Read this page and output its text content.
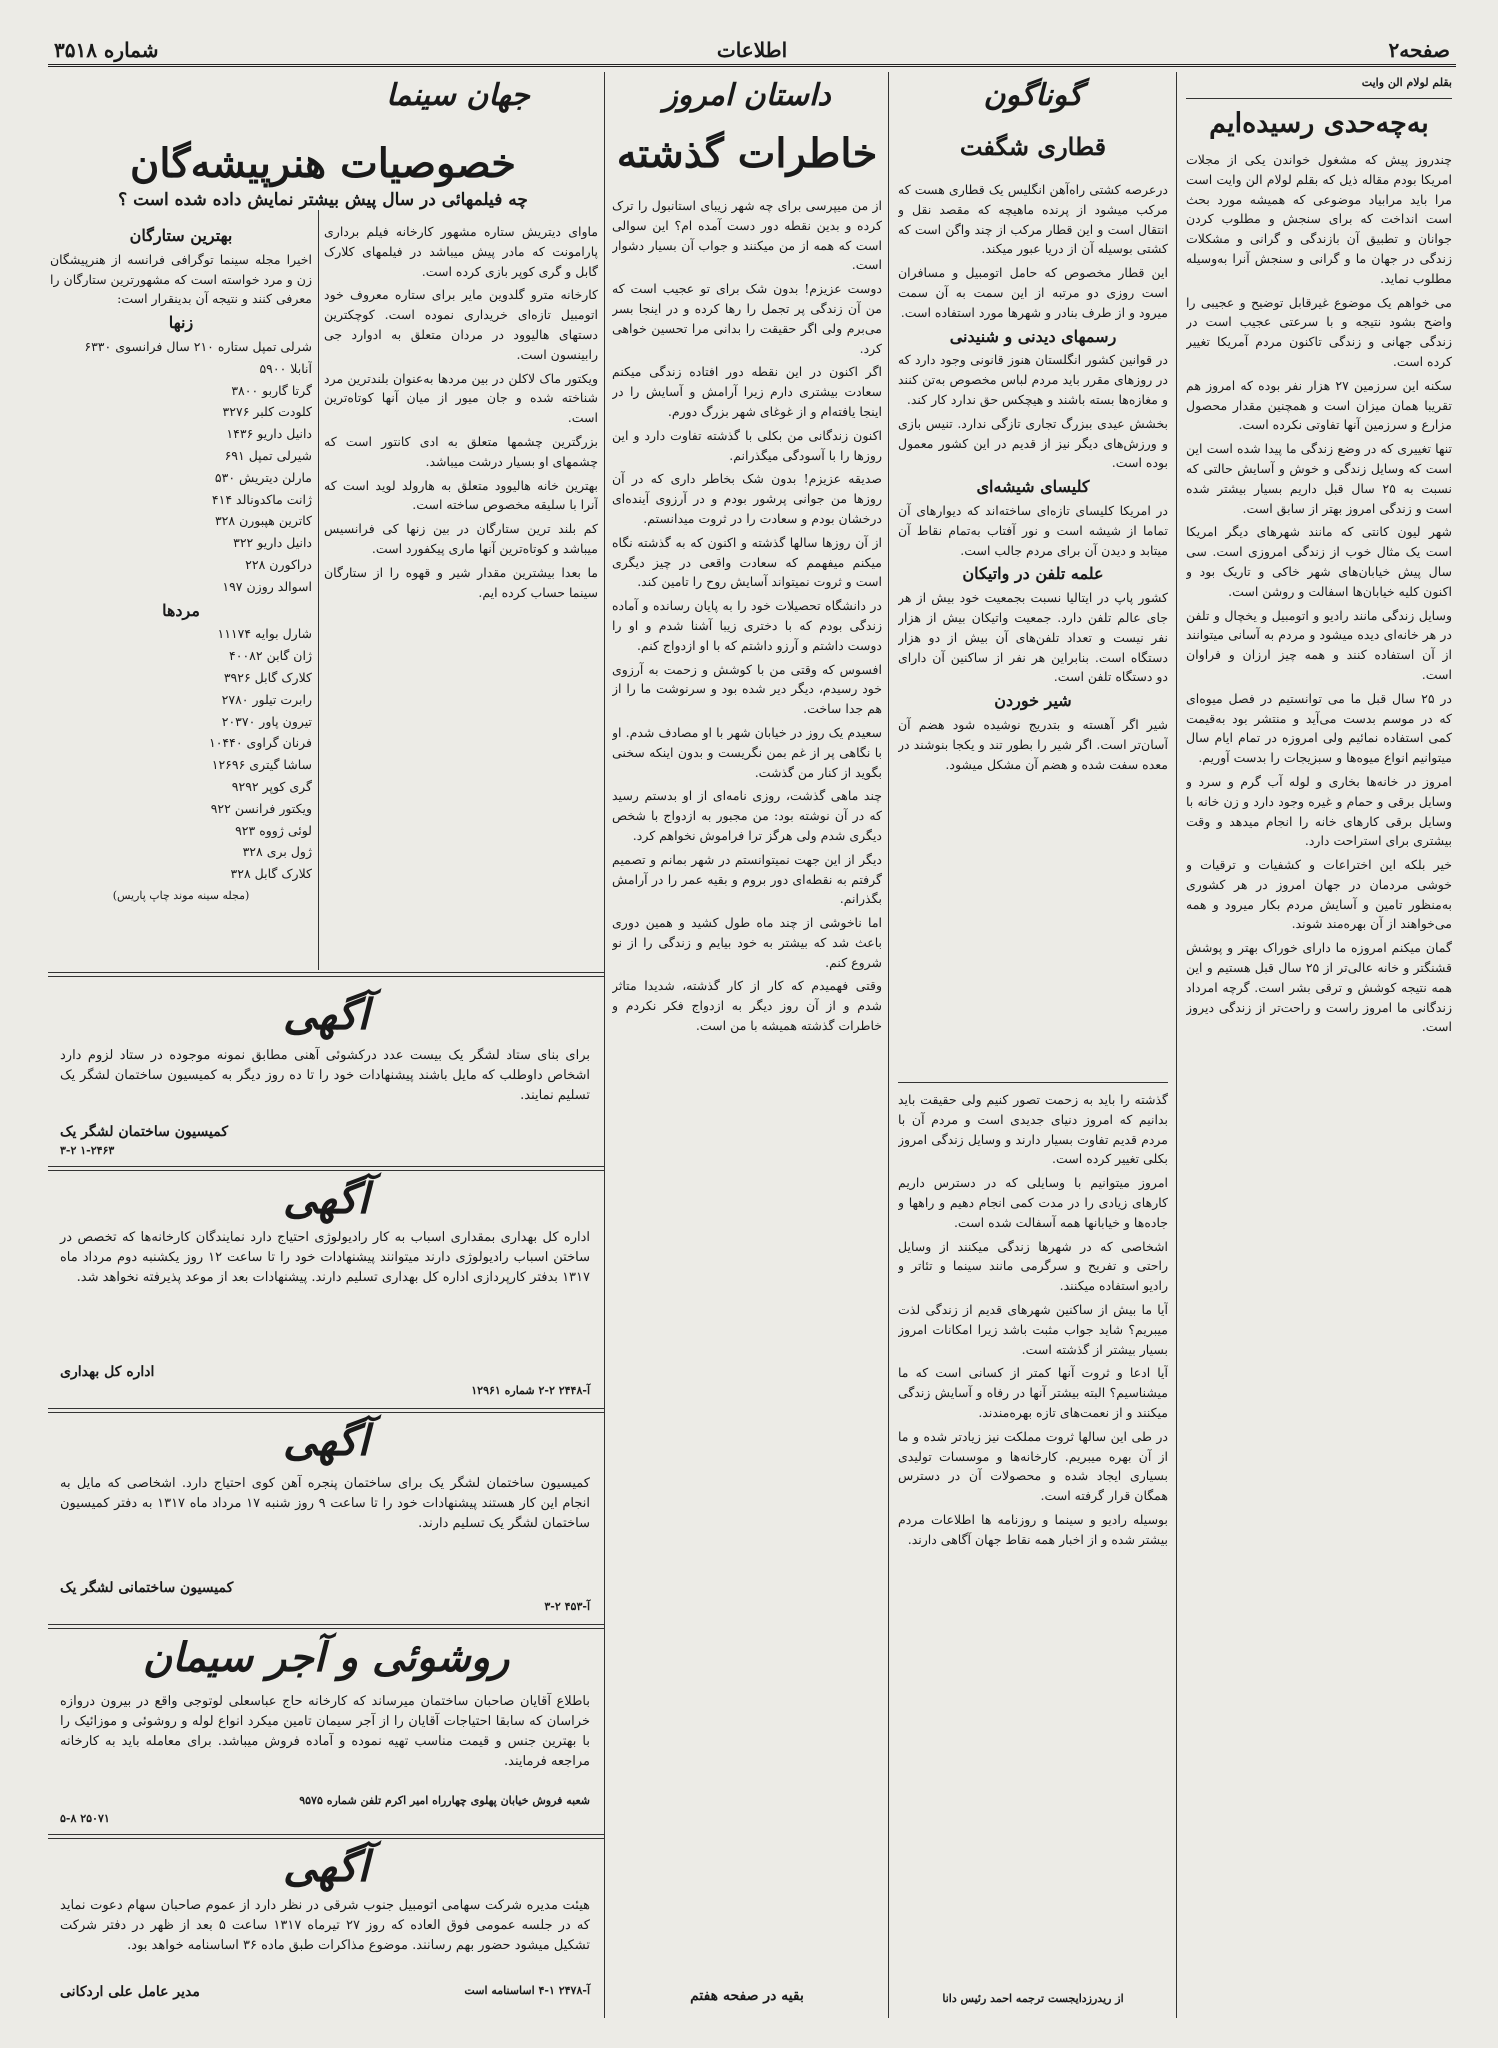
صفحه۲
اطلاعات
شماره ۳۵۱۸
بقلم لولام الن وایت
به‌چه‌حدی رسیده‌ایم

چندروز پیش که مشغول خواندن یکی از مجلات امریکا بودم مقاله ذیل که بقلم لولام الن وایت است مرا باید مرابیاد موضوعی که همیشه مورد بحث است انداخت که برای سنجش و مطلوب کردن جوانان و تطبیق آن بازندگی و گرانی و مشکلات زندگی در جهان ما و گرانی و سنجش آنرا به‌وسیله مطلوب نماید.

می خواهم یک موضوع غیرقابل توضیح و عجیبی را واضح بشود نتیجه و با سرعتی عجیب است در زندگی جهانی و زندگی تاکنون مردم آمریکا تغییر کرده است.

سکنه این سرزمین ۲۷ هزار نفر بوده که امروز هم تقریبا همان میزان است و همچنین مقدار محصول مزارع و سرزمین آنها تفاوتی نکرده است.

تنها تغییری که در وضع زندگی ما پیدا شده است این است که وسایل زندگی و خوش و آسایش حالتی که نسبت به ۲۵ سال قبل داریم بسیار بیشتر شده است و زندگی امروز بهتر از سابق است.

شهر لیون کانتی که مانند شهرهای دیگر امریکا است یک مثال خوب از زندگی امروزی است. سی سال پیش خیابان‌های شهر خاکی و تاریک بود و اکنون کلیه خیابان‌ها اسفالت و روشن است.

وسایل زندگی مانند رادیو و اتومبیل و یخچال و تلفن در هر خانه‌ای دیده میشود و مردم به آسانی میتوانند از آن استفاده کنند و همه چیز ارزان و فراوان است.

در ۲۵ سال قبل ما می توانستیم در فصل میوه‌ای که در موسم بدست می‌آید و منتشر بود به‌قیمت کمی استفاده نمائیم ولی امروزه در تمام ایام سال میتوانیم انواع میوه‌ها و سبزیجات را بدست آوریم.

امروز در خانه‌ها بخاری و لوله آب گرم و سرد و وسایل برقی و حمام و غیره وجود دارد و زن خانه با وسایل برقی کارهای خانه را انجام میدهد و وقت بیشتری برای استراحت دارد.

خیر بلکه این اختراعات و کشفیات و ترقیات و خوشی مردمان در جهان امروز در هر کشوری به‌منظور تامین و آسایش مردم بکار میرود و همه می‌خواهند از آن بهره‌مند شوند.

گمان میکنم امروزه ما دارای خوراک بهتر و پوشش قشنگتر و خانه عالی‌تر از ۲۵ سال قبل هستیم و این همه نتیجه کوشش و ترقی بشر است. گرچه‌ امرداد زندگانی ما امروز راست و راحت‌تر از زندگی دیروز است.

گوناگون
قطاری شگفت

درعرصه کشتی راه‌آهن انگلیس یک قطاری هست که مرکب میشود از پرنده ماهیچه که مقصد نقل و انتقال است و این قطار مرکب از چند واگن است که کشتی بوسیله آن از دریا عبور میکند.

این قطار مخصوص که حامل اتومبیل و مسافران است روزی دو مرتبه از این سمت به آن سمت میرود و از طرف بنادر و شهرها مورد استفاده است.

رسمهای دیدنی و شنیدنی

در قوانین کشور انگلستان هنوز قانونی وجود دارد که در روزهای مقرر باید مردم لباس مخصوص به‌تن کنند و مغازه‌ها بسته باشند و هیچکس حق ندارد کار کند.

بخشش عیدی ببزرگ تجاری تازگی ندارد. تنیس بازی و ورزش‌های دیگر نیز از قدیم در این کشور معمول بوده است.

کلیسای شیشه‌ای

در امریکا کلیسای تازه‌ای ساخته‌اند که دیوارهای آن تماما از شیشه است و نور آفتاب به‌تمام نقاط آن میتابد و دیدن آن برای مردم جالب است.

علمه تلفن در واتیکان

کشور پاپ در ایتالیا نسبت بجمعیت خود بیش از هر جای عالم تلفن دارد. جمعیت واتیکان بیش از هزار نفر نیست و تعداد تلفن‌های آن بیش از دو هزار دستگاه است. بنابراین هر نفر از ساکنین آن دارای دو دستگاه تلفن است.

شیر خوردن

شیر اگر آهسته و بتدریج نوشیده شود هضم آن آسان‌تر است. اگر شیر را بطور تند و یکجا بنوشند در معده سفت شده و هضم آن مشکل میشود.

گذشته را باید به زحمت تصور کنیم ولی حقیقت باید بدانیم که امروز دنیای جدیدی است و مردم آن با مردم قدیم تفاوت بسیار دارند و وسایل زندگی امروز بکلی تغییر کرده است.

امروز میتوانیم با وسایلی که در دسترس داریم کارهای زیادی را در مدت کمی انجام دهیم و راهها و جاده‌ها و خیابانها همه آسفالت شده است.

اشخاصی که در شهرها زندگی میکنند از وسایل راحتی و تفریح و سرگرمی مانند سینما و تئاتر و رادیو استفاده میکنند.

آیا ما بیش از ساکنین شهرهای قدیم از زندگی لذت میبریم؟ شاید جواب مثبت باشد زیرا امکانات امروز بسیار بیشتر از گذشته است.

آیا ادعا و ثروت آنها کمتر از کسانی است که ما میشناسیم؟ البته بیشتر آنها در رفاه و آسایش زندگی میکنند و از نعمت‌های تازه بهره‌مندند.

در طی این سالها ثروت مملکت نیز زیادتر شده و ما از آن بهره میبریم. کارخانه‌ها و موسسات تولیدی بسیاری ایجاد شده و محصولات آن در دسترس همگان قرار گرفته است.

بوسیله رادیو و سینما و روزنامه ها اطلاعات مردم بیشتر شده و از اخبار همه نقاط جهان آگاهی دارند.

از ریدرزدایجست ترجمه احمد رئیس دانا
داستان امروز
خاطرات گذشته

از من میپرسی برای چه شهر زیبای استانبول را ترک کرده و بدین نقطه دور دست آمده ام؟ این سوالی است که همه از من میکنند و جواب آن بسیار دشوار است.

دوست عزیزم! بدون شک برای تو عجیب است که من آن زندگی پر تجمل را رها کرده و در اینجا بسر می‌برم ولی اگر حقیقت را بدانی مرا تحسین خواهی کرد.

اگر اکنون در این نقطه دور افتاده زندگی میکنم سعادت بیشتری دارم زیرا آرامش و آسایش را در اینجا یافته‌ام و از غوغای شهر بزرگ دورم.

اکنون زندگانی من بکلی با گذشته تفاوت دارد و این روزها را با آسودگی میگذرانم.

صدیقه عزیزم! بدون شک بخاطر داری که در آن روزها من جوانی پرشور بودم و در آرزوی آینده‌ای درخشان بودم و سعادت را در ثروت میدانستم.

از آن روزها سالها گذشته و اکنون که به گذشته نگاه میکنم میفهمم که سعادت واقعی در چیز دیگری است و ثروت نمیتواند آسایش روح را تامین کند.

در دانشگاه تحصیلات خود را به پایان رسانده و آماده زندگی بودم که با دختری زیبا آشنا شدم و او را دوست داشتم و آرزو داشتم که با او ازدواج کنم.

افسوس که وقتی من با کوشش و زحمت به آرزوی خود رسیدم، دیگر دیر شده بود و سرنوشت ما را از هم جدا ساخت.

سعیدم یک روز در خیابان شهر با او مصادف شدم. او با نگاهی پر از غم بمن نگریست و بدون اینکه سخنی بگوید از کنار من گذشت.

چند ماهی گذشت، روزی نامه‌ای از او بدستم رسید که در آن نوشته بود: من مجبور به ازدواج با شخص دیگری شدم ولی هرگز ترا فراموش نخواهم کرد.

دیگر از این جهت نمیتوانستم در شهر بمانم و تصمیم گرفتم به نقطه‌ای دور بروم و بقیه عمر را در آرامش بگذرانم.

اما ناخوشی از چند ماه طول کشید و همین دوری باعث شد که بیشتر به خود بیایم و زندگی را از نو شروع کنم.

وقتی فهمیدم که کار از کار گذشته، شدیدا متاثر شدم و از آن روز دیگر به ازدواج فکر نکردم و خاطرات گذشته همیشه با من است.

بقیه در صفحه هفتم
جهان سینما
خصوصیات هنرپیشه‌گان
چه فیلمهائی در سال پیش بیشتر نمایش داده شده است ؟

ماوای دیتریش ستاره مشهور کارخانه فیلم برداری پارامونت که مادر پیش میباشد در فیلمهای کلارک گابل و گری کوپر بازی کرده است.

کارخانه مترو گلدوین مایر برای ستاره معروف خود اتومبیل تازه‌ای خریداری نموده است. کوچکترین دستهای هالیوود در مردان متعلق به ادوارد جی رابینسون است.

ویکتور ماک لاکلن در بین مردها به‌عنوان بلندترین مرد شناخته شده و جان میور از میان آنها کوتاه‌ترین است.

بزرگترین چشمها متعلق به ادی کانتور است که چشمهای او بسیار درشت میباشد.

بهترین خانه هالیوود متعلق به هارولد لوید است که آنرا با سلیقه مخصوص ساخته است.

کم بلند ترین ستارگان در بین زنها کی فرانسیس میباشد و کوتاه‌ترین آنها ماری پیکفورد است.

ما بعدا بیشترین مقدار شیر و قهوه را از ستارگان سینما حساب کرده ایم.

بهترین ستارگان

اخیرا مجله سینما توگرافی فرانسه از هنرپیشگان زن و مرد خواسته است که مشهورترین ستارگان را معرفی کنند و نتیجه آن بدینقرار است:

زنها
شرلی تمپل ستاره ۲۱۰ سال فرانسوی ۶۳۳۰
آنابلا ۵۹۰۰
گرتا گاربو ۳۸۰۰
کلودت کلبر ۳۲۷۶
دانیل داریو ۱۴۳۶
شیرلی تمپل ۶۹۱
مارلن دیتریش ۵۳۰
ژانت ماکدونالد ۴۱۴
کاترین هپبورن ۳۲۸
دانیل داریو ۳۲۲
دراکورن ۲۲۸
اسوالد روزن ۱۹۷
مردها
شارل بوایه ۱۱۱۷۴
ژان گابن ۴۰۰۸۲
کلارک گابل ۳۹۲۶
رابرت تیلور ۲۷۸۰
تیرون پاور ۲۰۳۷۰
فرنان گراوی ۱۰۴۴۰
ساشا گیتری ۱۲۶۹۶
گری کوپر ۹۲۹۲
ویکتور فرانسن ۹۲۲
لوئی ژووه ۹۲۳
ژول بری ۳۲۸
کلارک گابل ۳۲۸
(مجله سینه موند چاپ پاریس)
آگهی
برای بنای ستاد لشگر یک بیست عدد درکشوئی آهنی مطابق نمونه موجوده در ستاد لزوم دارد اشخاص داوطلب که مایل باشند پیشنهادات خود را تا ده روز دیگر به کمیسیون ساختمان لشگر یک تسلیم نمایند.
کمیسیون ساختمان لشگر یک
۱-۲۴۶۳ ۳-۲
آگهی
اداره کل بهداری بمقداری اسباب به کار رادیولوژی احتیاج دارد نمایندگان کارخانه‌ها که تخصص در ساختن اسباب رادیولوژی دارند میتوانند پیشنهادات خود را تا ساعت ۱۲ روز یکشنبه دوم مرداد ماه ۱۳۱۷ بدفتر کارپردازی اداره کل بهداری تسلیم دارند. پیشنهادات بعد از موعد پذیرفته نخواهد شد.
اداره کل بهداری
آ-۲۴۴۸ ۲-۲ شماره ۱۲۹۶۱
آگهی
کمیسیون ساختمان لشگر یک برای ساختمان پنجره آهن کوی احتیاج دارد. اشخاصی که مایل به انجام این کار هستند پیشنهادات خود را تا ساعت ۹ روز شنبه ۱۷ مرداد ماه ۱۳۱۷ به دفتر کمیسیون ساختمان لشگر یک تسلیم دارند.
کمیسیون ساختمانی لشگر یک
آ-۴۵۳ ۲-۳
روشوئی و آجر سیمان
باطلاع آقایان صاحبان ساختمان میرساند که کارخانه حاج عباسعلی لوتوجی واقع در بیرون دروازه خراسان که سابقا احتیاجات آقایان را از آجر سیمان تامین میکرد انواع لوله و روشوئی و موزائیک را با بهترین جنس و قیمت مناسب تهیه نموده و آماده فروش میباشد. برای معامله باید به کارخانه مراجعه فرمایند.
شعبه فروش خیابان پهلوی چهارراه امیر اکرم تلفن شماره ۹۵۷۵
۲۵۰۷۱ ۵-۸
آگهی
هیئت مدیره شرکت سهامی اتومبیل جنوب شرقی در نظر دارد از عموم صاحبان سهام دعوت نماید که در جلسه عمومی فوق العاده که روز ۲۷ تیرماه ۱۳۱۷ ساعت ۵ بعد از ظهر در دفتر شرکت تشکیل میشود حضور بهم رسانند. موضوع مذاکرات طبق ماده ۳۶ اساسنامه خواهد بود.
مدیر عامل علی اردکانی	آ-۲۴۷۸ ۱-۴ اساسنامه است
